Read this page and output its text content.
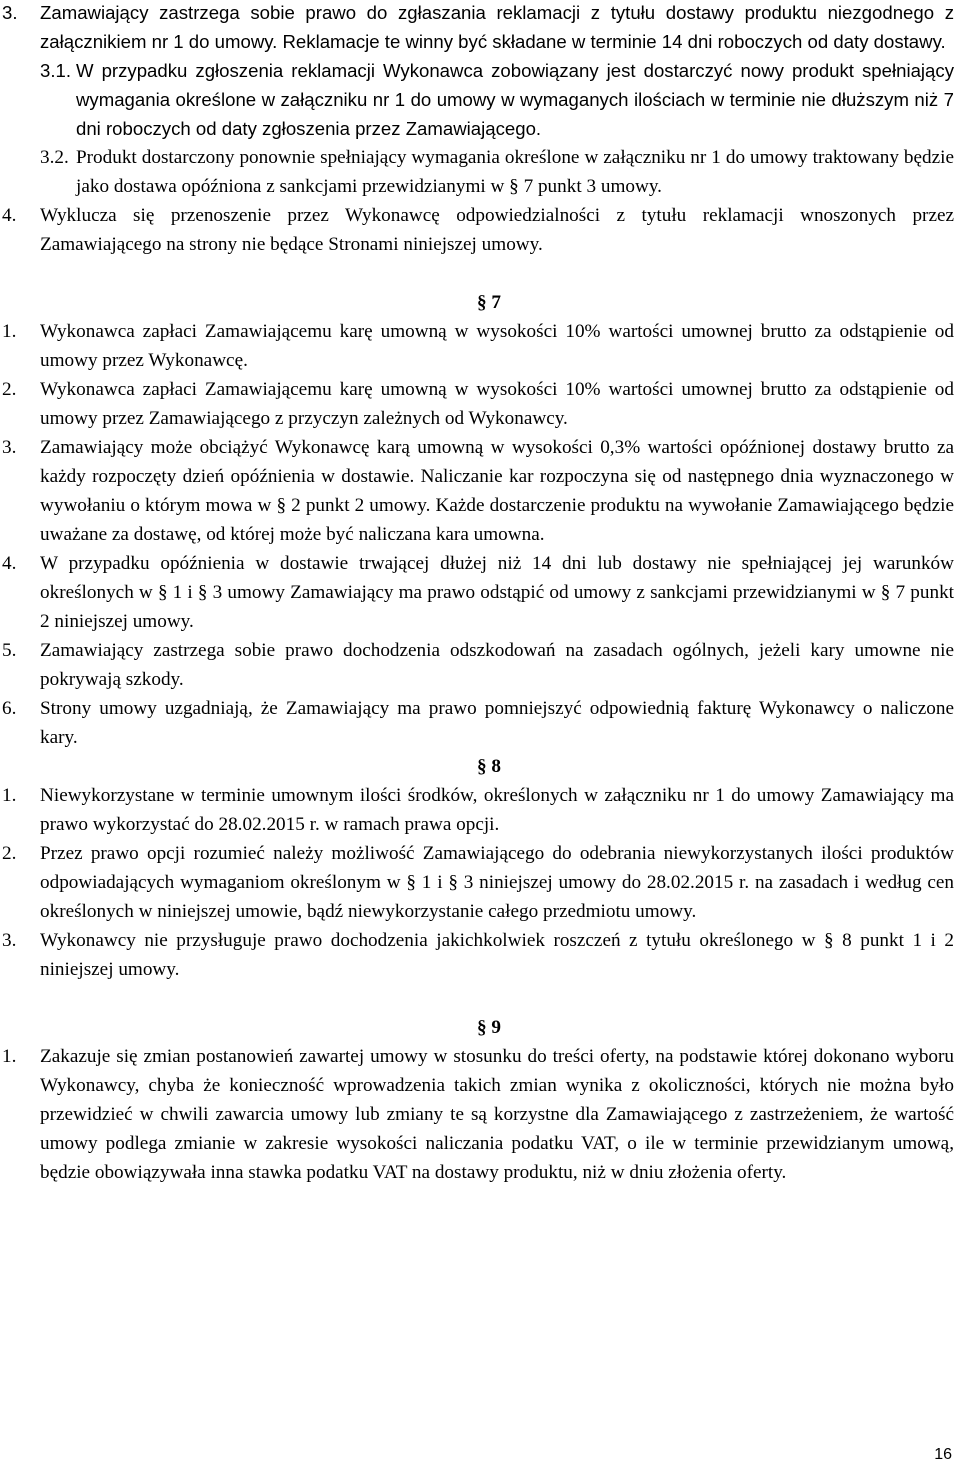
3. Zamawiający zastrzega sobie prawo do zgłaszania reklamacji z tytułu dostawy produktu niezgodnego z załącznikiem nr 1 do umowy. Reklamacje te winny być składane w terminie 14 dni roboczych od daty dostawy.
3.1. W przypadku zgłoszenia reklamacji Wykonawca zobowiązany jest dostarczyć nowy produkt spełniający wymagania określone w załączniku nr 1 do umowy w wymaganych ilościach w terminie nie dłuższym niż 7 dni roboczych od daty zgłoszenia przez Zamawiającego.
3.2. Produkt dostarczony ponownie spełniający wymagania określone w załączniku nr 1 do umowy traktowany będzie jako dostawa opóźniona z sankcjami przewidzianymi w § 7 punkt 3 umowy.
4. Wyklucza się przenoszenie przez Wykonawcę odpowiedzialności z tytułu reklamacji wnoszonych przez Zamawiającego na strony nie będące Stronami niniejszej umowy.
§ 7
1. Wykonawca zapłaci Zamawiającemu karę umowną w wysokości 10% wartości umownej brutto za odstąpienie od umowy przez Wykonawcę.
2. Wykonawca zapłaci Zamawiającemu karę umowną w wysokości 10% wartości umownej brutto za odstąpienie od umowy przez Zamawiającego z przyczyn zależnych od Wykonawcy.
3. Zamawiający może obciążyć Wykonawcę karą umowną w wysokości 0,3% wartości opóźnionej dostawy brutto za każdy rozpoczęty dzień opóźnienia w dostawie. Naliczanie kar rozpoczyna się od następnego dnia wyznaczonego w wywołaniu o którym mowa w § 2 punkt 2 umowy. Każde dostarczenie produktu na wywołanie Zamawiającego będzie uważane za dostawę, od której może być naliczana kara umowna.
4. W przypadku opóźnienia w dostawie trwającej dłużej niż 14 dni lub dostawy nie spełniającej jej warunków określonych w § 1 i § 3 umowy Zamawiający ma prawo odstąpić od umowy z sankcjami przewidzianymi w § 7 punkt 2 niniejszej umowy.
5. Zamawiający zastrzega sobie prawo dochodzenia odszkodowań na zasadach ogólnych, jeżeli kary umowne nie pokrywają szkody.
6. Strony umowy uzgadniają, że Zamawiający ma prawo pomniejszyć odpowiednią fakturę Wykonawcy o naliczone kary.
§ 8
1. Niewykorzystane w terminie umownym ilości środków, określonych w załączniku nr 1 do umowy Zamawiający ma prawo wykorzystać do 28.02.2015 r. w ramach prawa opcji.
2. Przez prawo opcji rozumieć należy możliwość Zamawiającego do odebrania niewykorzystanych ilości produktów odpowiadających wymaganiom określonym w § 1 i § 3 niniejszej umowy do 28.02.2015 r. na zasadach i według cen określonych w niniejszej umowie, bądź niewykorzystanie całego przedmiotu umowy.
3. Wykonawcy nie przysługuje prawo dochodzenia jakichkolwiek roszczeń z tytułu określonego w § 8 punkt 1 i 2 niniejszej umowy.
§ 9
1. Zakazuje się zmian postanowień zawartej umowy w stosunku do treści oferty, na podstawie której dokonano wyboru Wykonawcy, chyba że konieczność wprowadzenia takich zmian wynika z okoliczności, których nie można było przewidzieć w chwili zawarcia umowy lub zmiany te są korzystne dla Zamawiającego z zastrzeżeniem, że wartość umowy podlega zmianie w zakresie wysokości naliczania podatku VAT, o ile w terminie przewidzianym umową, będzie obowiązywała inna stawka podatku VAT na dostawy produktu, niż w dniu złożenia oferty.
16
